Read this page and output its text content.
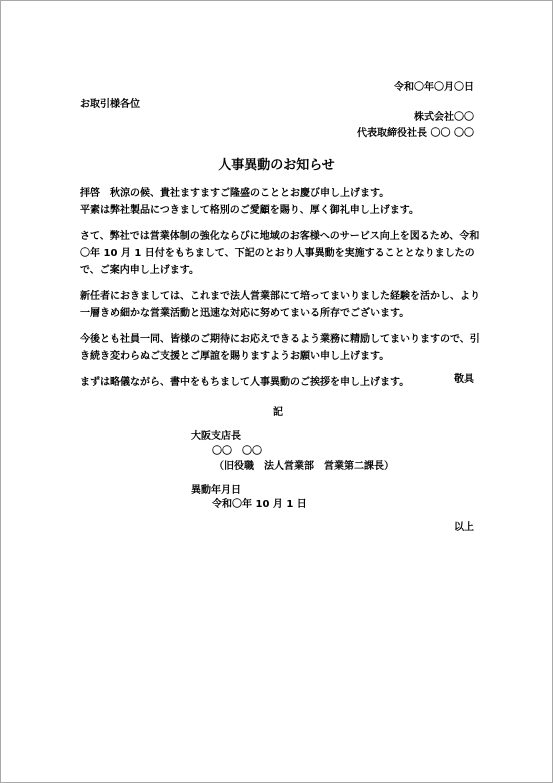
令和〇年〇月〇日
お取引様各位
株式会社〇〇
代表取締役社長 〇〇 〇〇
人事異動のお知らせ

拝啓　秋涼の候、貴社ますますご隆盛のこととお慶び申し上げます。
平素は弊社製品につきまして格別のご愛顧を賜り、厚く御礼申し上げます。

さて、弊社では営業体制の強化ならびに地域のお客様へのサービス向上を図るため、令和〇年 10 月 1 日付をもちまして、下記のとおり人事異動を実施することとなりましたので、ご案内申し上げます。

新任者におきましては、これまで法人営業部にて培ってまいりました経験を活かし、より一層きめ細かな営業活動と迅速な対応に努めてまいる所存でございます。

今後とも社員一同、皆様のご期待にお応えできるよう業務に精励してまいりますので、引き続き変わらぬご支援とご厚誼を賜りますようお願い申し上げます。

まずは略儀ながら、書中をもちまして人事異動のご挨拶を申し上げます。	敬具
記
大阪支店長
〇〇　〇〇
（旧役職　法人営業部　営業第二課長）
異動年月日
令和〇年 10 月 1 日
以上
